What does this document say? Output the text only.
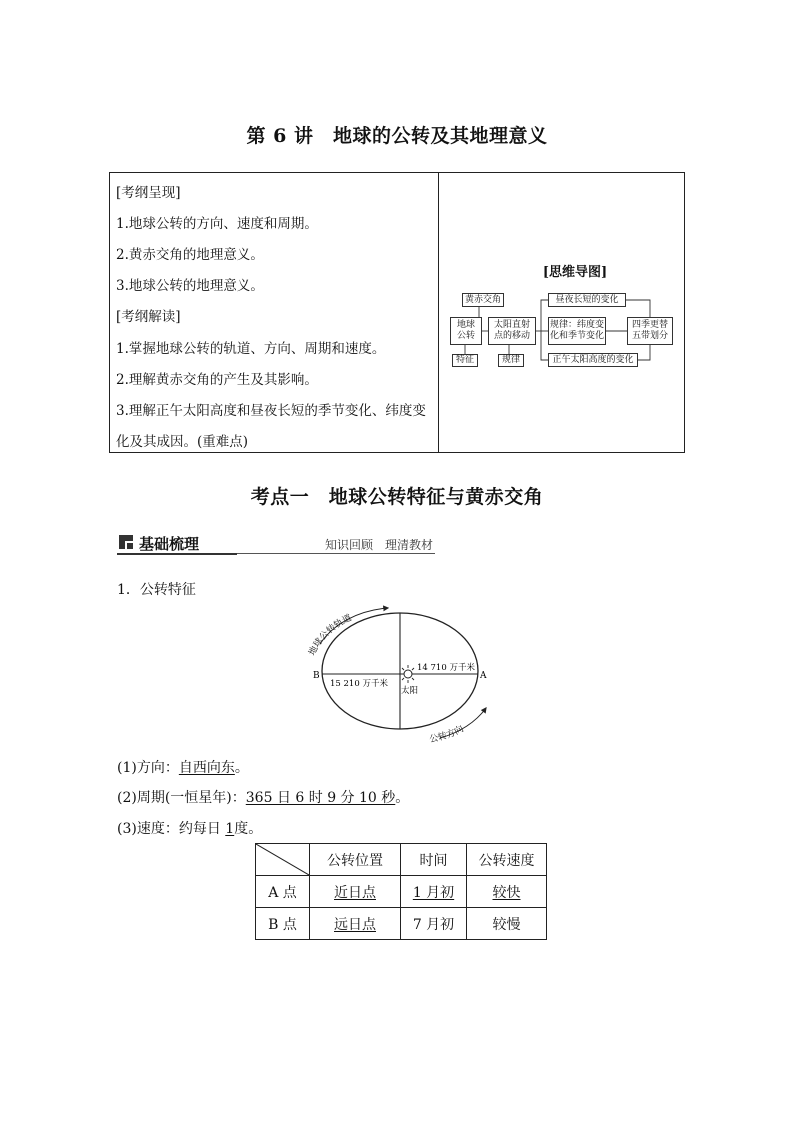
第 6 讲　地球的公转及其地理意义
[考纲呈现]
1.地球公转的方向、速度和周期。
2.黄赤交角的地理意义。
3.地球公转的地理意义。
[考纲解读]
1.掌握地球公转的轨道、方向、周期和速度。
2.理解黄赤交角的产生及其影响。
3.理解正午太阳高度和昼夜长短的季节变化、纬度变
化及其成因。(重难点)
[思维导图]
黄赤交角
地球
公转
特征
太阳直射
点的移动
规律
昼夜长短的变化
规律：纬度变
化和季节变化
正午太阳高度的变化
四季更替
五带划分
考点一　地球公转特征与黄赤交角
基础梳理	知识回顾　理清教材
1．公转特征
地球公转轨道
公转方向
B	A
14 710 万千米
15 210 万千米
太阳
(1)方向：自西向东。
(2)周期(一恒星年)：365 日 6 时 9 分 10 秒。
(3)速度：约每日 1度。
	公转位置	时间	公转速度
A 点	近日点	1 月初	较快
B 点	远日点	7 月初	较慢
